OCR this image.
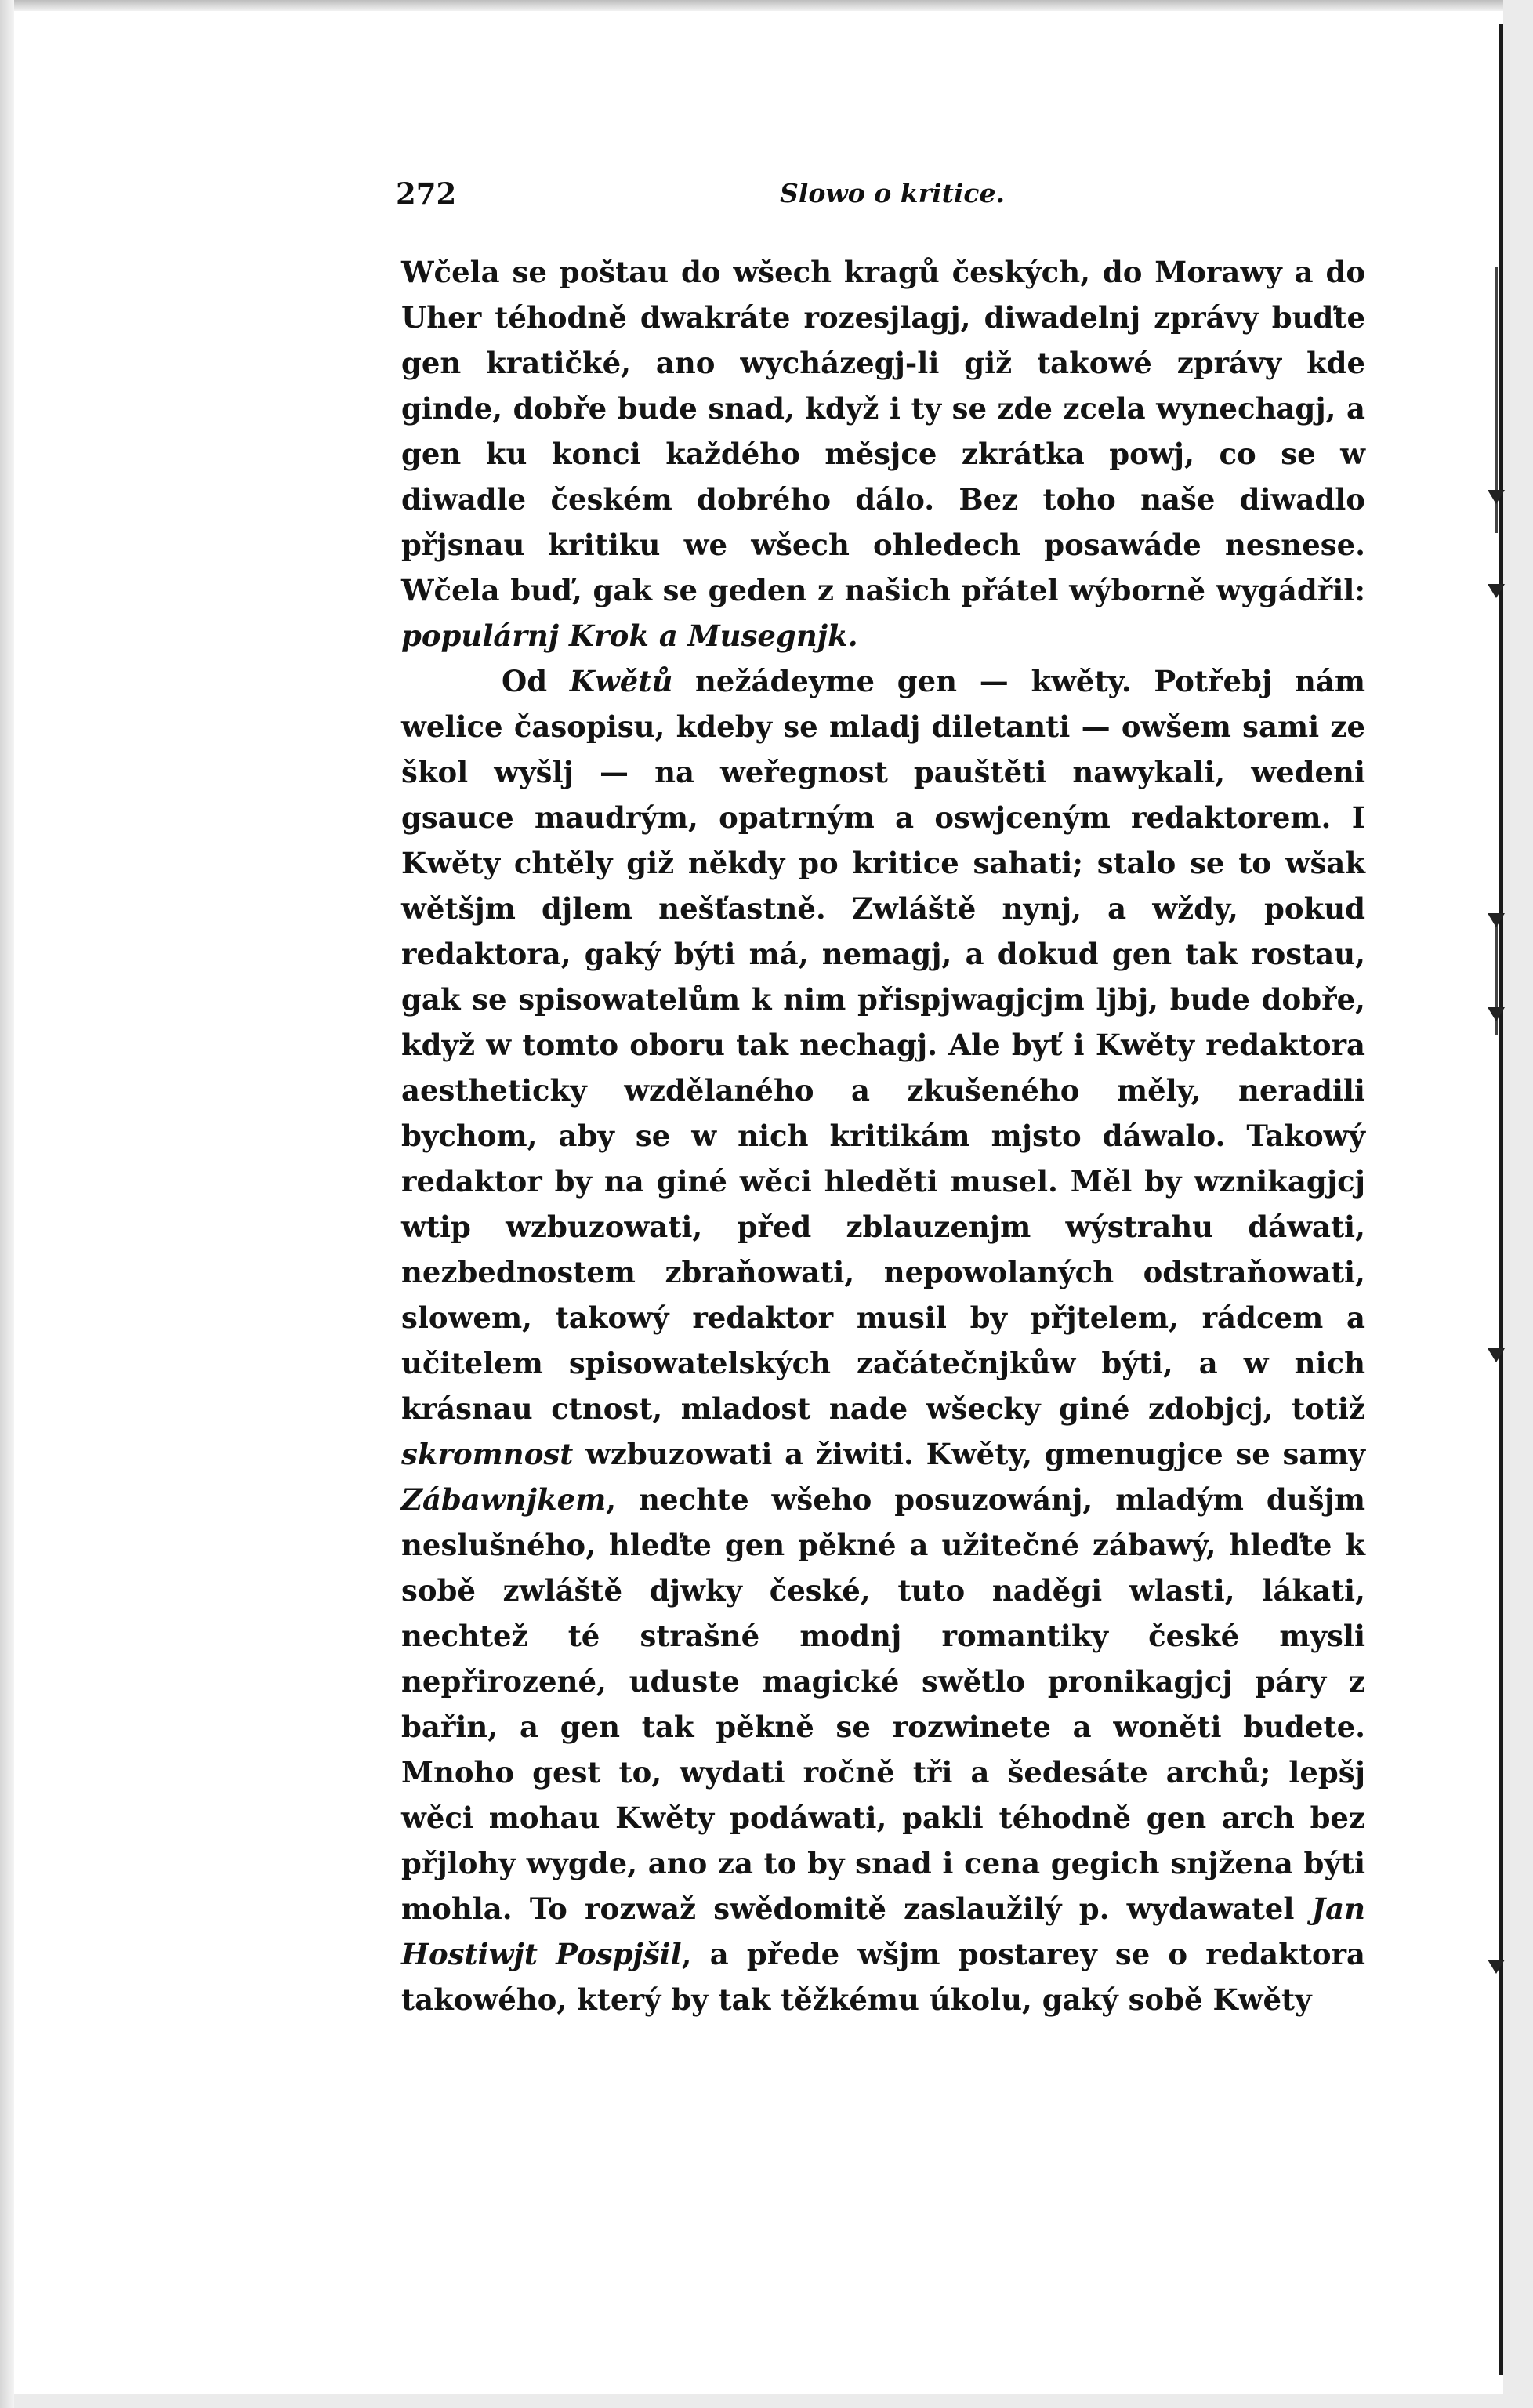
272	Slowo o kritice.

Wčela se poštau do wšech kragů českých, do Morawy a do Uher téhodně dwakráte rozesjlagj, diwadelnj zprávy buďte gen kratičké, ano wycházegj-li giž takowé zprávy kde ginde, dobře bude snad, když i ty se zde zcela wynechagj, a gen ku konci každého měsjce zkrátka powj, co se w diwadle českém dobrého dálo. Bez toho naše diwadlo přjsnau kritiku we wšech ohledech posawáde nesnese. Wčela buď, gak se geden z našich přátel wýborně wygádřil: populárnj Krok a Musegnjk.

Od Kwětů nežádeyme gen — kwěty. Potřebj nám welice časopisu, kdeby se mladj diletanti — owšem sami ze škol wyšlj — na weřegnost pauštěti nawykali, wedeni gsauce maudrým, opatrným a oswjceným redaktorem. I Kwěty chtěly giž někdy po kritice sahati; stalo se to wšak wětšjm djlem nešťastně. Zwláště nynj, a wždy, pokud redaktora, gaký býti má, nemagj, a dokud gen tak rostau, gak se spisowatelům k nim přispjwagjcjm ljbj, bude dobře, když w tomto oboru tak nechagj. Ale byť i Kwěty redaktora aestheticky wzdělaného a zkušeného měly, neradili bychom, aby se w nich kritikám mjsto dáwalo. Takowý redaktor by na giné wěci hleděti musel. Měl by wznikagjcj wtip wzbuzowati, před zblauzenjm wýstrahu dáwati, nezbednostem zbraňowati, nepowolaných odstraňowati, slowem, takowý redaktor musil by přjtelem, rádcem a učitelem spisowatelských začátečnjkůw býti, a w nich krásnau ctnost, mladost nade wšecky giné zdobjcj, totiž skromnost wzbuzowati a žiwiti. Kwěty, gmenugjce se samy Zábawnjkem, nechte wšeho posuzowánj, mladým dušjm neslušného, hleďte gen pěkné a užitečné zábawý, hleďte k sobě zwláště djwky české, tuto naděgi wlasti, lákati, nechtež té strašné modnj romantiky české mysli nepřirozené, uduste magické swětlo pronikagjcj páry z bařin, a gen tak pěkně se rozwinete a woněti budete. Mnoho gest to, wydati ročně tři a šedesáte archů; lepšj wěci mohau Kwěty podáwati, pakli téhodně gen arch bez přjlohy wygde, ano za to by snad i cena gegich snjžena býti mohla. To rozwaž swědomitě zaslaužilý p. wydawatel Jan Hostiwjt Pospjšil, a přede wšjm postarey se o redaktora takowého, který by tak těžkému úkolu, gaký sobě Kwěty
